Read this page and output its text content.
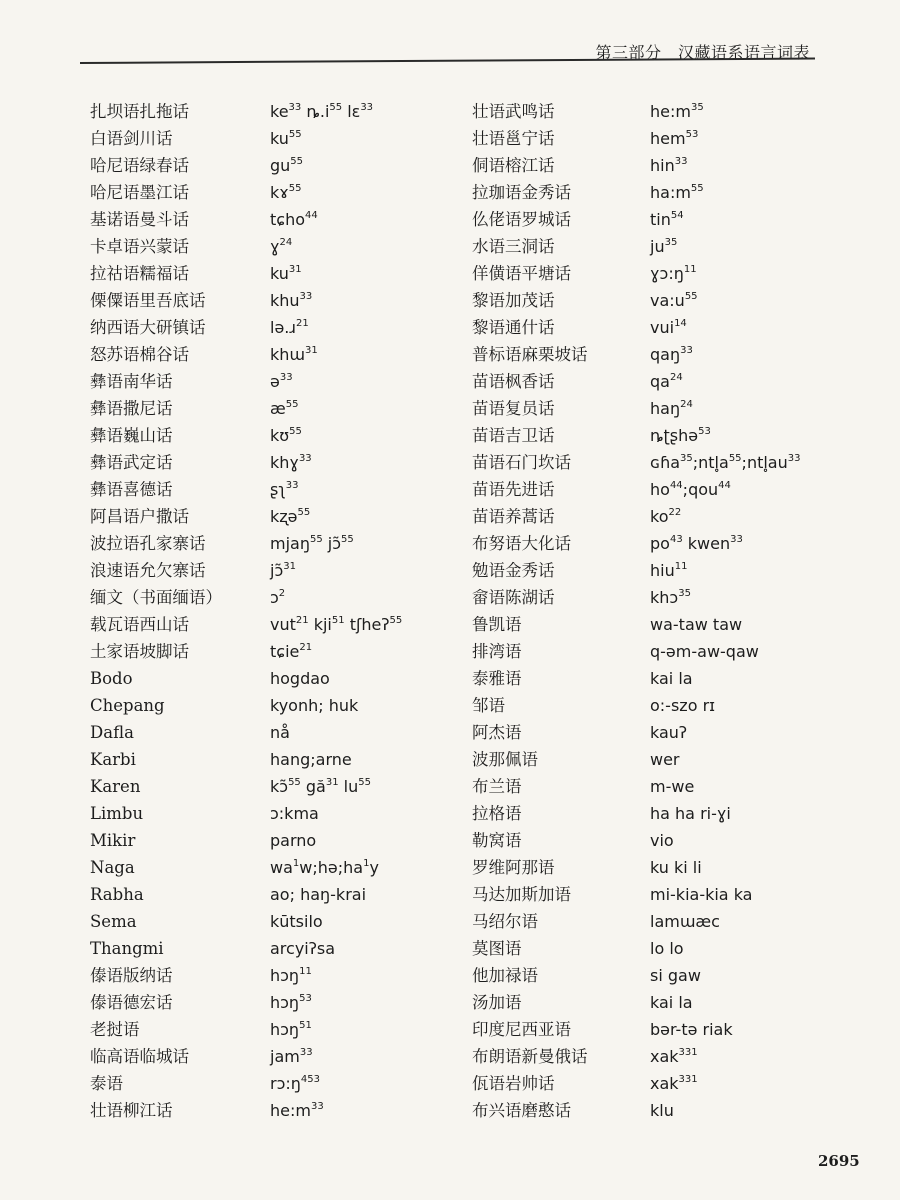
第三部分　汉藏语系语言词表
扎坝语扎拖话	$ke^{33}$ $ȵ.i^{55}$ lɛ$^{33}$
白语剑川话	$ku^{55}$
哈尼语绿春话	$gu^{55}$
哈尼语墨江话	kɤ$^{55}$
基诺语曼斗话	tɕho$^{44}$
卡卓语兴蒙话	ɣ$^{24}$
拉祜语糯福话	$ku^{31}$
傈僳语里吾底话	khu$^{33}$
纳西语大研镇话	lə.ɹ$^{21}$
怒苏语棉谷话	khɯ$^{31}$
彝语南华话	ə$^{33}$
彝语撒尼话	$æ^{55}$
彝语巍山话	kʊ$^{55}$
彝语武定话	khɣ$^{33}$
彝语喜德话	ʂʅ$^{33}$
阿昌语户撒话	kʐə$^{55}$
波拉语孔家寨话	mjaŋ$^{55}$ jɔ̃$^{55}$
浪速语允欠寨话	jɔ̃$^{31}$
缅文（书面缅语）	ɔ$^2$
载瓦语西山话	vut$^{21}$ kji$^{51}$ tʃheʔ$^{55}$
土家语坡脚话	tɕie$^{21}$
Bodo	hogdao
Chepang	kyonh; huk
Dafla	nå
Karbi	hang;arne
Karen	kɔ̃$^{55}$ $gă^{31}$ $lu^{55}$
Limbu	ɔ:kma
Mikir	parno
Naga	$wa^1w;hə;ha^1y$
Rabha	ao; haŋ-krai
Sema	kūtsilo
Thangmi	arcyiʔsa
傣语版纳话	hɔŋ$^{11}$
傣语德宏话	hɔŋ$^{53}$
老挝语	hɔŋ$^{51}$
临高语临城话	jam$^{33}$
泰语	$rɔ:ŋ^{453}$
壮语柳江话	$he:m^{33}$
壮语武鸣话	$he:m^{35}$
壮语邕宁话	hem$^{53}$
侗语榕江话	hin$^{33}$
拉珈语金秀话	$ha:m^{55}$
仫佬语罗城话	tin$^{54}$
水语三洞话	$ju^{35}$
佯僙语平塘话	$ɣɔ:ŋ^{11}$
黎语加茂话	$va:u^{55}$
黎语通什话	vui$^{14}$
普标语麻栗坡话	qaŋ$^{33}$
苗语枫香话	$qa^{24}$
苗语复员话	haŋ$^{24}$
苗语吉卫话	ȵʈʂhə$^{53}$
苗语石门坎话	$ɢɦa^{35};ntl̥a^{55};ntl̥au^{33}$
苗语先进话	$ho^{44};qou^{44}$
苗语养蒿话	$ko^{22}$
布努语大化话	$po^{43}$ kwen$^{33}$
勉语金秀话	hiu$^{11}$
畲语陈湖话	khɔ$^{35}$
鲁凯语	wa-taw taw
排湾语	q-əm-aw-qaw
泰雅语	kai la
邹语	o:-szo rɪ
阿杰语	kauʔ
波那佩语	wer
布兰语	m-we
拉格语	ha ha ri-ɣi
勒窝语	vio
罗维阿那语	ku ki li
马达加斯加语	mi-kia-kia ka
马绍尔语	lamɯæc
莫图语	lo lo
他加禄语	si gaw
汤加语	kai la
印度尼西亚语	bər-tə riak
布朗语新曼俄话	xak$^{331}$
佤语岩帅话	xak$^{331}$
布兴语磨憨话	klu
2695
